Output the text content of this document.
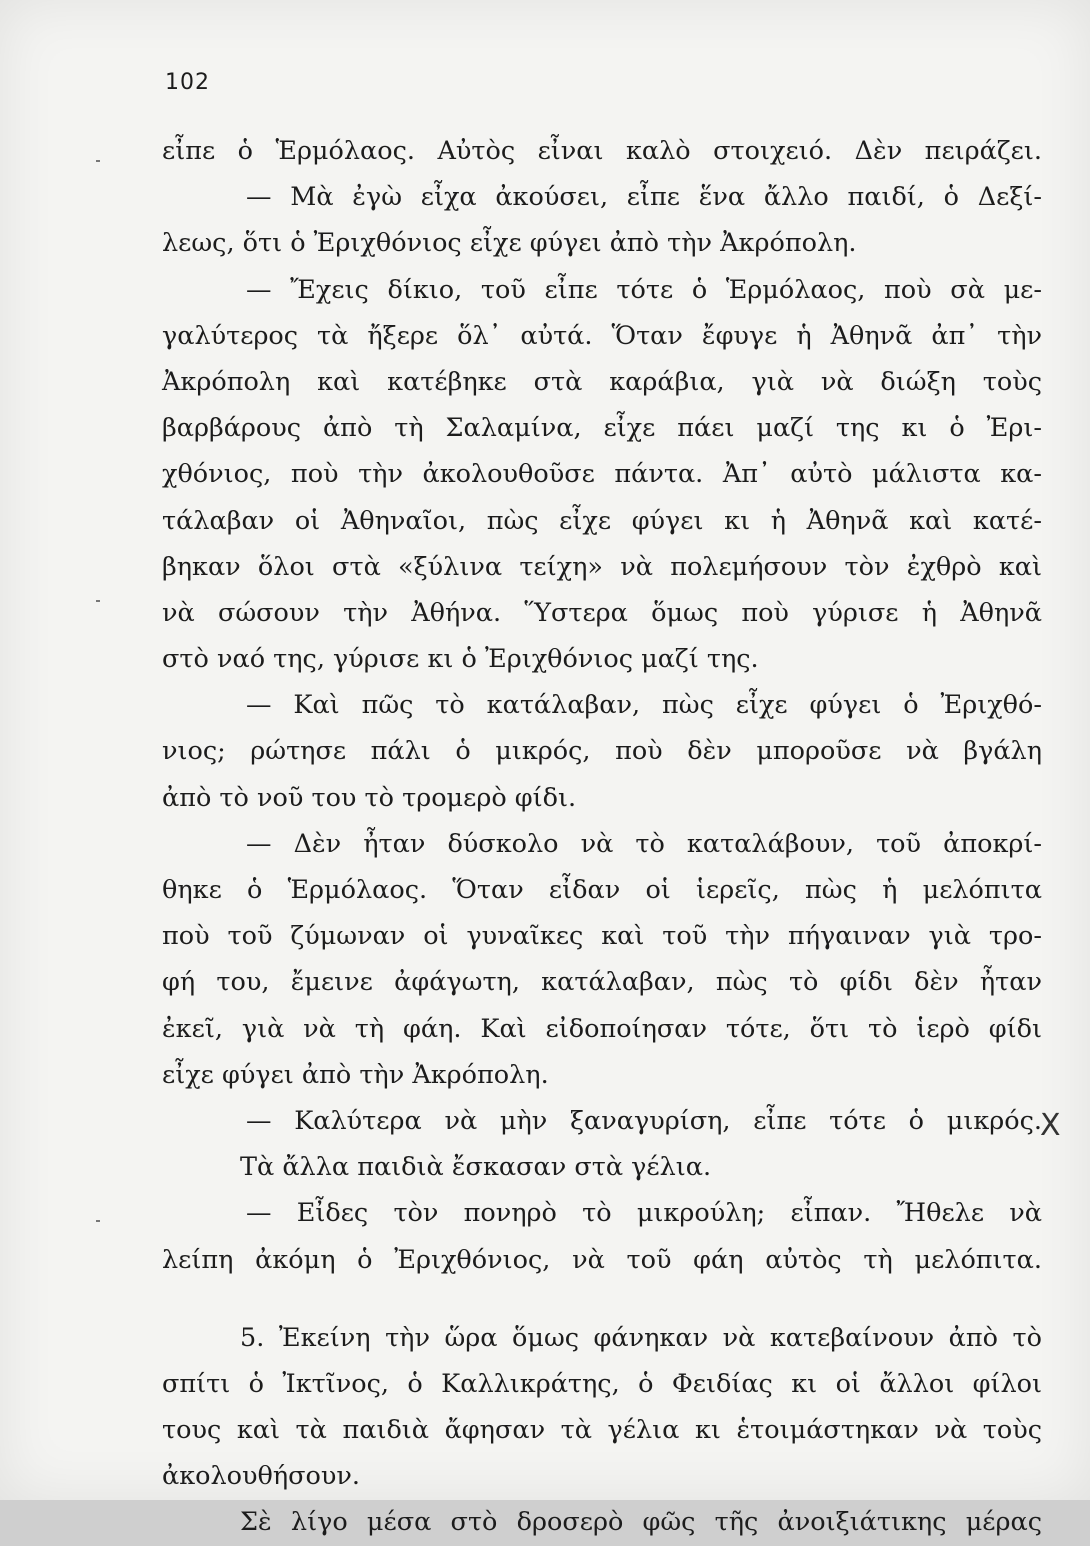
102
εἶπε ὁ Ἑρμόλαος. Αὐτὸς εἶναι καλὸ στοιχειό. Δὲν πειράζει.
— Μὰ ἐγὼ εἶχα ἀκούσει, εἶπε ἕνα ἄλλο παιδί, ὁ Δεξί-
λεως, ὅτι ὁ Ἐριχθόνιος εἶχε φύγει ἀπὸ τὴν Ἀκρόπολη.
— Ἔχεις δίκιο, τοῦ εἶπε τότε ὁ Ἑρμόλαος, ποὺ σὰ με-
γαλύτερος τὰ ἤξερε ὅλ᾽ αὐτά. Ὅταν ἔφυγε ἡ Ἀθηνᾶ ἀπ᾽ τὴν
Ἀκρόπολη καὶ κατέβηκε στὰ καράβια, γιὰ νὰ διώξη τοὺς
βαρβάρους ἀπὸ τὴ Σαλαμίνα, εἶχε πάει μαζί της κι ὁ Ἐρι-
χθόνιος, ποὺ τὴν ἀκολουθοῦσε πάντα. Ἀπ᾽ αὐτὸ μάλιστα κα-
τάλαβαν οἱ Ἀθηναῖοι, πὼς εἶχε φύγει κι ἡ Ἀθηνᾶ καὶ κατέ-
βηκαν ὅλοι στὰ «ξύλινα τείχη» νὰ πολεμήσουν τὸν ἐχθρὸ καὶ
νὰ σώσουν τὴν Ἀθήνα. Ὕστερα ὅμως ποὺ γύρισε ἡ Ἀθηνᾶ
στὸ ναό της, γύρισε κι ὁ Ἐριχθόνιος μαζί της.
— Καὶ πῶς τὸ κατάλαβαν, πὼς εἶχε φύγει ὁ Ἐριχθό-
νιος; ρώτησε πάλι ὁ μικρός, ποὺ δὲν μποροῦσε νὰ βγάλη
ἀπὸ τὸ νοῦ του τὸ τρομερὸ φίδι.
— Δὲν ἦταν δύσκολο νὰ τὸ καταλάβουν, τοῦ ἀποκρί-
θηκε ὁ Ἑρμόλαος. Ὅταν εἶδαν οἱ ἱερεῖς, πὼς ἡ μελόπιτα
ποὺ τοῦ ζύμωναν οἱ γυναῖκες καὶ τοῦ τὴν πήγαιναν γιὰ τρο-
φή του, ἔμεινε ἀφάγωτη, κατάλαβαν, πὼς τὸ φίδι δὲν ἦταν
ἐκεῖ, γιὰ νὰ τὴ φάη. Καὶ εἰδοποίησαν τότε, ὅτι τὸ ἱερὸ φίδι
εἶχε φύγει ἀπὸ τὴν Ἀκρόπολη.
— Καλύτερα νὰ μὴν ξαναγυρίση, εἶπε τότε ὁ μικρός.
Τὰ ἄλλα παιδιὰ ἔσκασαν στὰ γέλια.
— Εἶδες τὸν πονηρὸ τὸ μικρούλη; εἶπαν. Ἤθελε νὰ
λείπη ἀκόμη ὁ Ἐριχθόνιος, νὰ τοῦ φάη αὐτὸς τὴ μελόπιτα.
5. Ἐκείνη τὴν ὥρα ὅμως φάνηκαν νὰ κατεβαίνουν ἀπὸ τὸ
σπίτι ὁ Ἰκτῖνος, ὁ Καλλικράτης, ὁ Φειδίας κι οἱ ἄλλοι φίλοι
τους καὶ τὰ παιδιὰ ἄφησαν τὰ γέλια κι ἑτοιμάστηκαν νὰ τοὺς
ἀκολουθήσουν.
Σὲ λίγο μέσα στὸ δροσερὸ φῶς τῆς ἀνοιξιάτικης μέρας
X
